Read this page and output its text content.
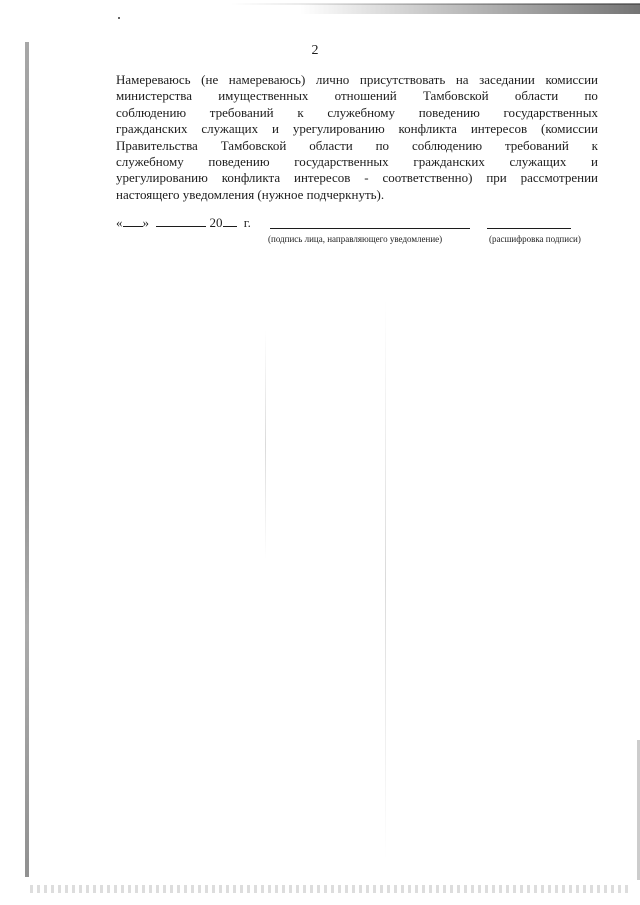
2
Намереваюсь (не намереваюсь) лично присутствовать на заседании комиссии
министерства имущественных отношений Тамбовской области по
соблюдению требований к служебному поведению государственных
гражданских служащих и урегулированию конфликта интересов (комиссии
Правительства Тамбовской области по соблюдению требований к
служебному поведению государственных гражданских служащих и
урегулированию конфликта интересов - соответственно) при рассмотрении
настоящего уведомления (нужное подчеркнуть).
« »	20 г.
(подпись лица, направляющего уведомление)	(расшифровка подписи)
